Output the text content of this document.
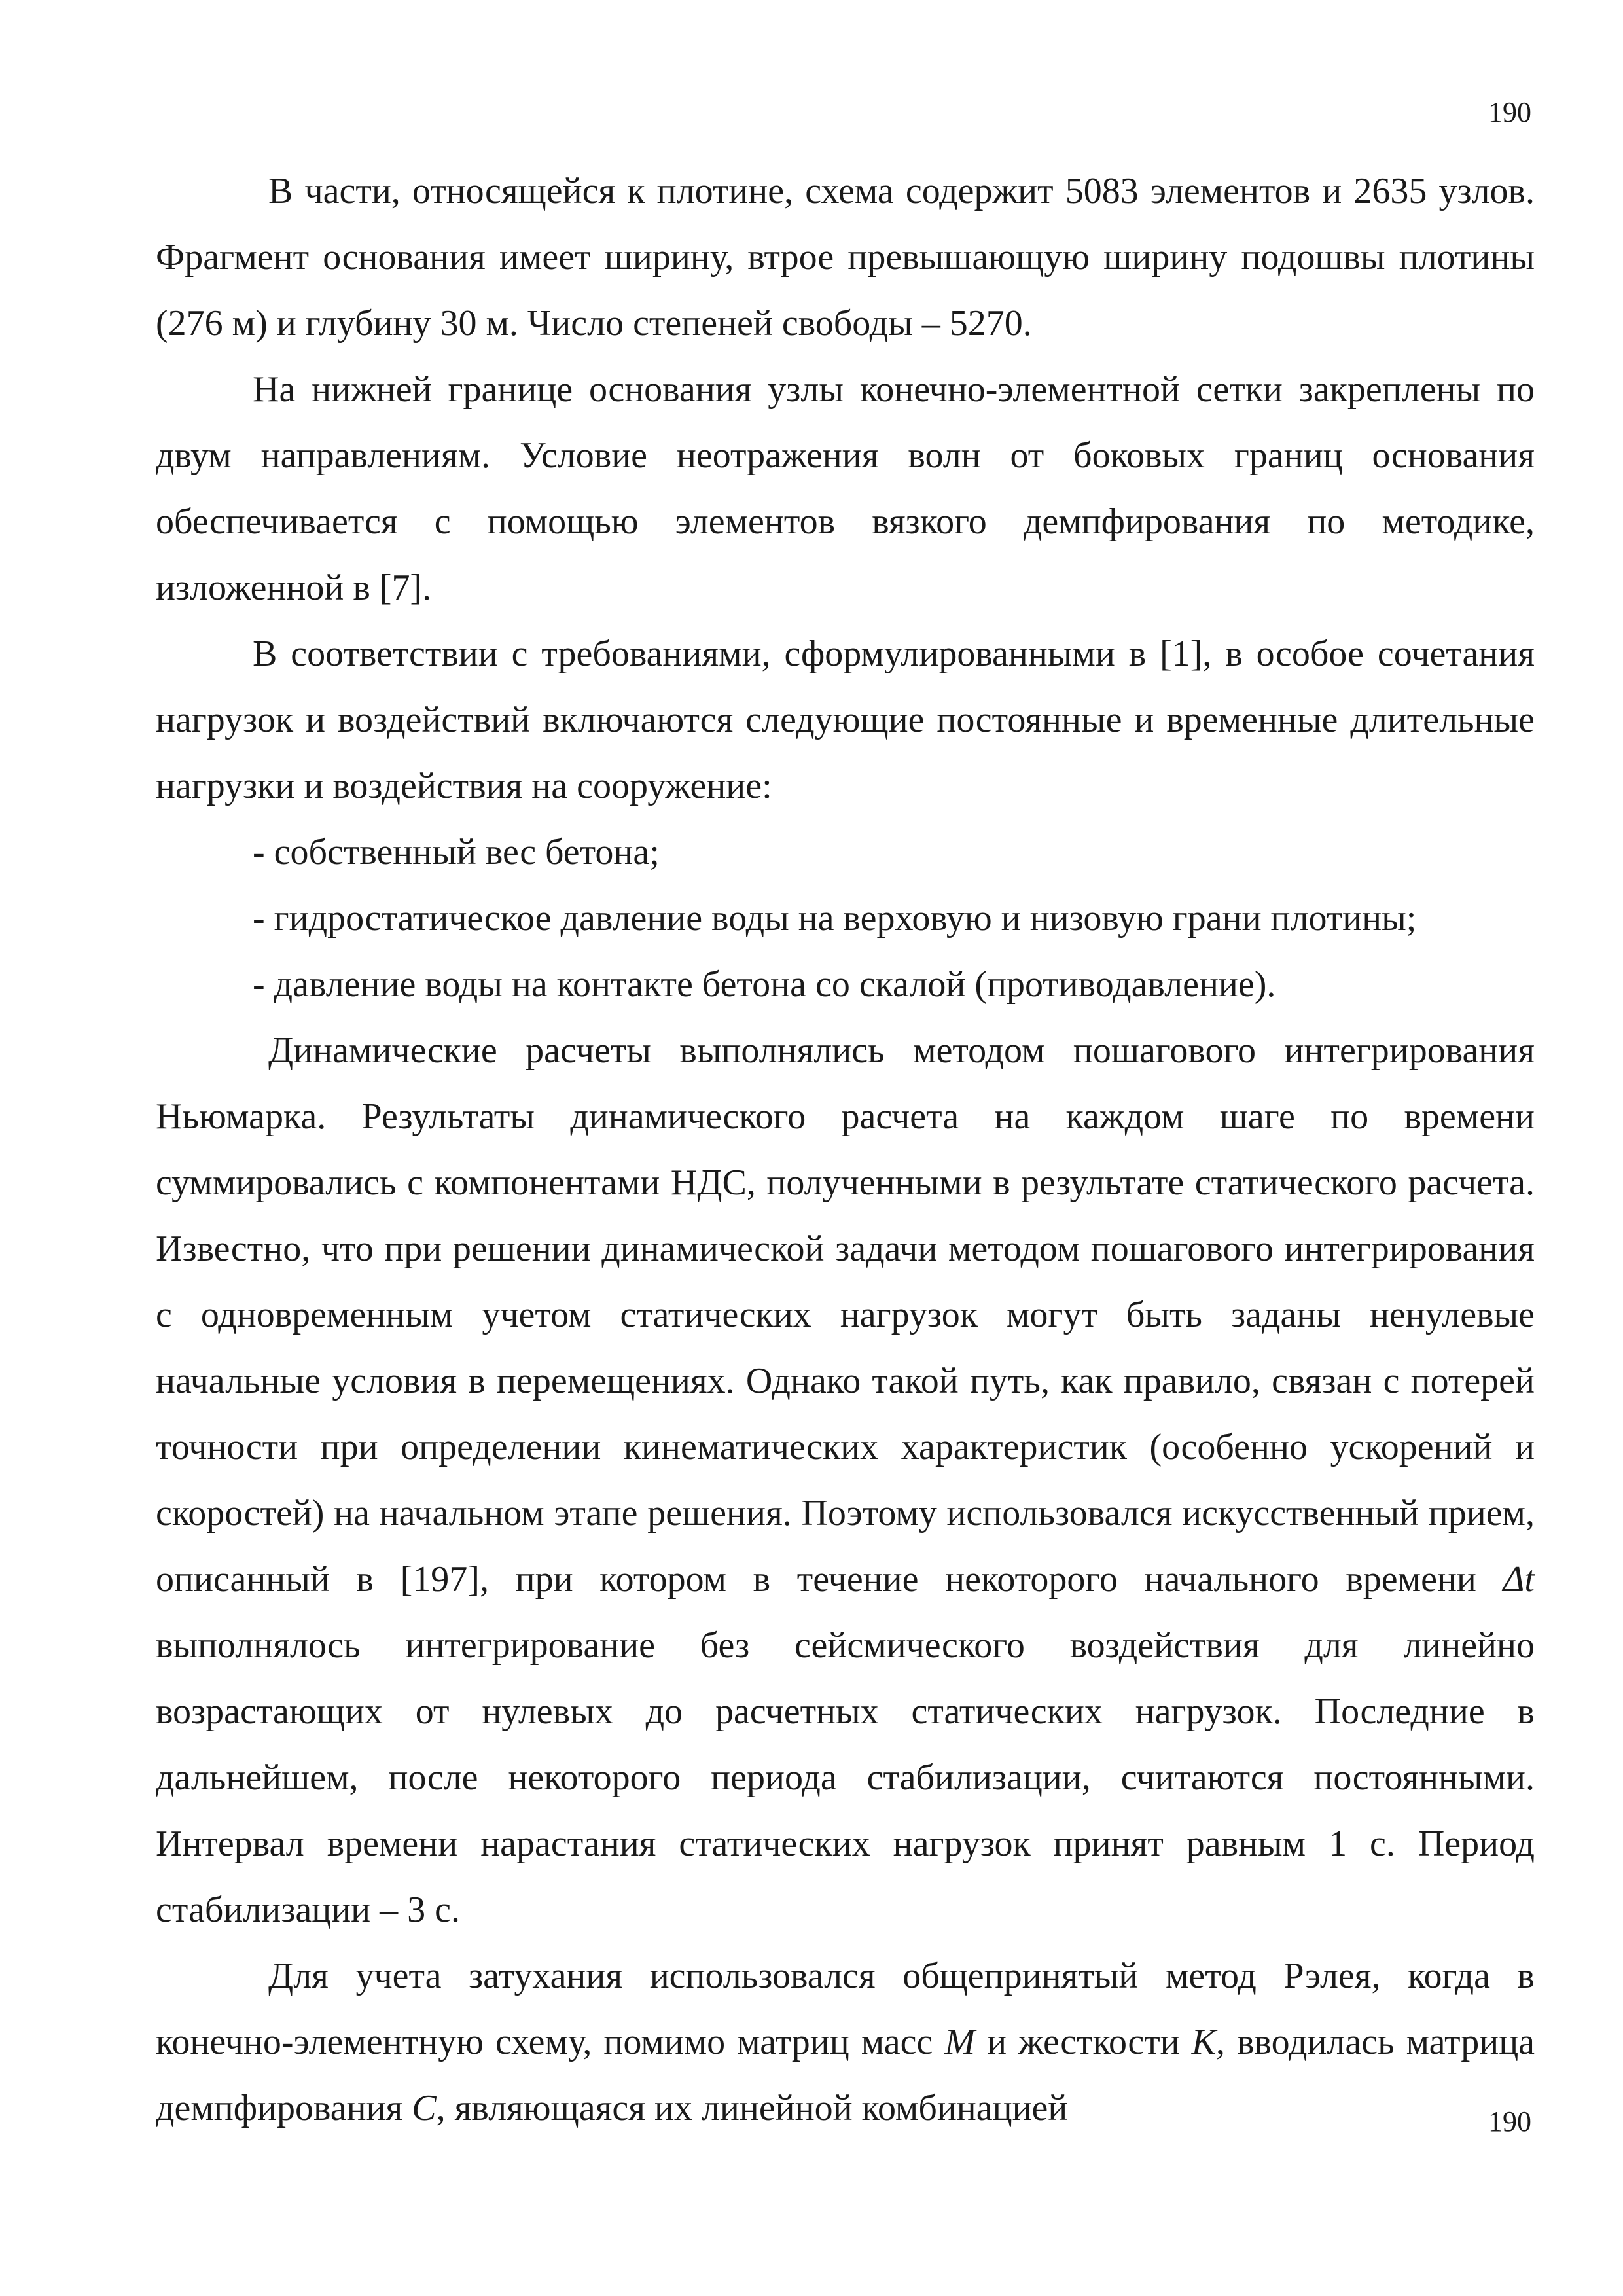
190

В части, относящейся к плотине, схема содержит 5083 элементов и 2635 узлов. Фрагмент основания имеет ширину, втрое превышающую ширину подошвы плотины (276 м) и глубину 30 м. Число степеней свободы – 5270.

На нижней границе основания узлы конечно-элементной сетки закреплены по двум направлениям. Условие неотражения волн от боковых границ основания обеспечивается с помощью элементов вязкого демпфирования по методике, изложенной в [7].

В соответствии с требованиями, сформулированными в [1], в особое сочетания нагрузок и воздействий включаются следующие постоянные и временные длительные нагрузки и воздействия на сооружение:

- собственный вес бетона;

- гидростатическое давление воды на верховую и низовую грани плотины;

- давление воды на контакте бетона со скалой (противодавление).

Динамические расчеты выполнялись методом пошагового интегрирования Ньюмарка. Результаты динамического расчета на каждом шаге по времени суммировались с компонентами НДС, полученными в результате статического расчета. Известно, что при решении динамической задачи методом пошагового интегрирования с одновременным учетом статических нагрузок могут быть заданы ненулевые начальные условия в перемещениях. Однако такой путь, как правило, связан с потерей точности при определении кинематических характеристик (особенно ускорений и скоростей) на начальном этапе решения. Поэтому использовался искусственный прием, описанный в [197], при котором в течение некоторого начального времени Δt выполнялось интегрирование без сейсмического воздействия для линейно возрастающих от нулевых до расчетных статических нагрузок. Последние в дальнейшем, после некоторого периода стабилизации, считаются постоянными. Интервал времени нарастания статических нагрузок принят равным 1 с. Период стабилизации – 3 с.

Для учета затухания использовался общепринятый метод Рэлея, когда в конечно-элементную схему, помимо матриц масс M и жесткости K, вводилась матрица демпфирования C, являющаяся их линейной комбинацией	190
